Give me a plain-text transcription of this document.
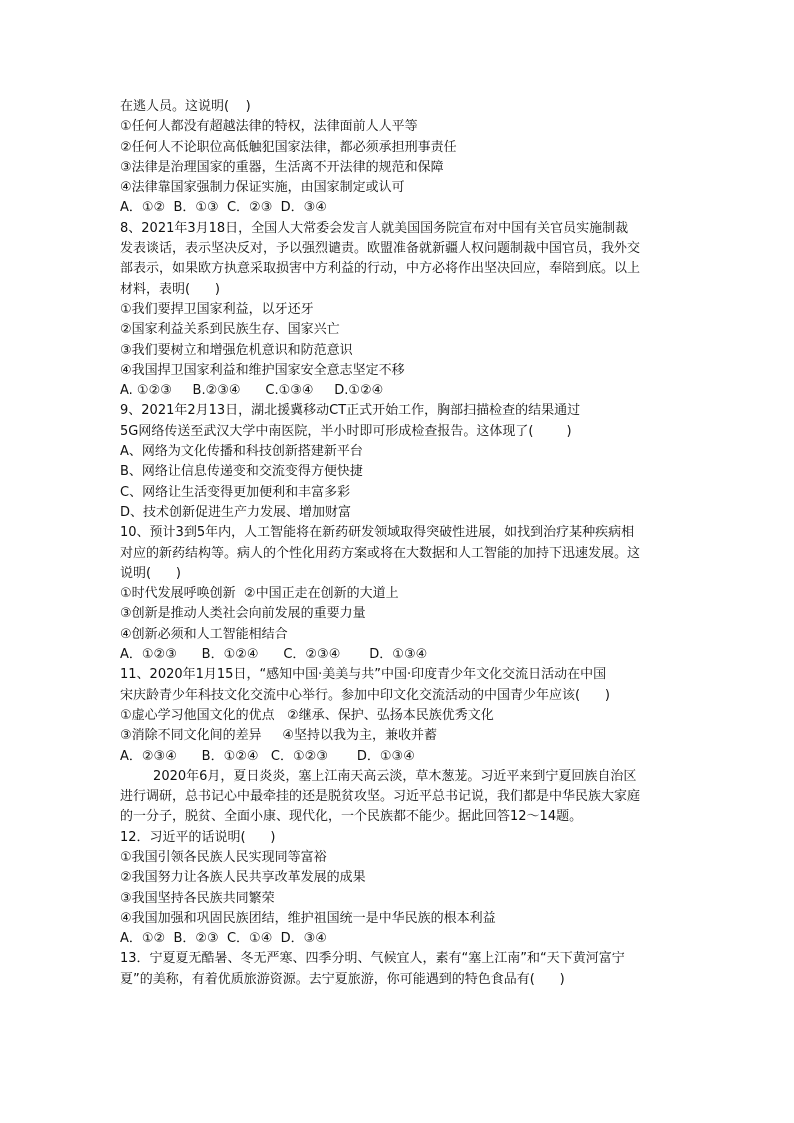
在逃人员。这说明(    )
①任何人都没有超越法律的特权，法律面前人人平等
②任何人不论职位高低触犯国家法律，都必须承担刑事责任
③法律是治理国家的重器，生活离不开法律的规范和保障
④法律靠国家强制力保证实施，由国家制定或认可
A．①②  B．①③  C．②③  D．③④
8、2021年3月18日，全国人大常委会发言人就美国国务院宣布对中国有关官员实施制裁
发表谈话，表示坚决反对，予以强烈谴责。欧盟准备就新疆人权问题制裁中国官员，我外交
部表示，如果欧方执意采取损害中方利益的行动，中方必将作出坚决回应，奉陪到底。以上
材料，表明(      )
①我们要捍卫国家利益，以牙还牙
②国家利益关系到民族生存、国家兴亡
③我们要树立和增强危机意识和防范意识
④我国捍卫国家利益和维护国家安全意志坚定不移
A. ①②③     B.②③④      C.①③④     D.①②④
9、2021年2月13日，湖北援冀移动CT正式开始工作，胸部扫描检查的结果通过
5G网络传送至武汉大学中南医院，半小时即可形成检查报告。这体现了(        )
A、网络为文化传播和科技创新搭建新平台
B、网络让信息传递变和交流变得方便快捷
C、网络让生活变得更加便利和丰富多彩
D、技术创新促进生产力发展、增加财富
10、预计3到5年内，人工智能将在新药研发领域取得突破性进展，如找到治疗某种疾病相
对应的新药结构等。病人的个性化用药方案或将在大数据和人工智能的加持下迅速发展。这
说明(      )
①时代发展呼唤创新  ②中国正走在创新的大道上
③创新是推动人类社会向前发展的重要力量
④创新必须和人工智能相结合
A．①②③      B．①②④      C．②③④       D．①③④
11、2020年1月15日，“感知中国·美美与共”中国·印度青少年文化交流日活动在中国
宋庆龄青少年科技文化交流中心举行。参加中印文化交流活动的中国青少年应该(      )
①虚心学习他国文化的优点   ②继承、保护、弘扬本民族优秀文化
③消除不同文化间的差异     ④坚持以我为主，兼收并蓄
A．②③④      B．①②④   C．①②③       D．①③④
2020年6月，夏日炎炎，塞上江南天高云淡，草木葱茏。习近平来到宁夏回族自治区
进行调研，总书记心中最牵挂的还是脱贫攻坚。习近平总书记说，我们都是中华民族大家庭
的一分子，脱贫、全面小康、现代化，一个民族都不能少。据此回答12～14题。
12．习近平的话说明(      )
①我国引领各民族人民实现同等富裕
②我国努力让各族人民共享改革发展的成果
③我国坚持各民族共同繁荣
④我国加强和巩固民族团结，维护祖国统一是中华民族的根本利益
A．①②  B．②③  C．①④  D．③④
13．宁夏夏无酷暑、冬无严寒、四季分明、气候宜人，素有“塞上江南”和“天下黄河富宁
夏”的美称，有着优质旅游资源。去宁夏旅游，你可能遇到的特色食品有(      )
